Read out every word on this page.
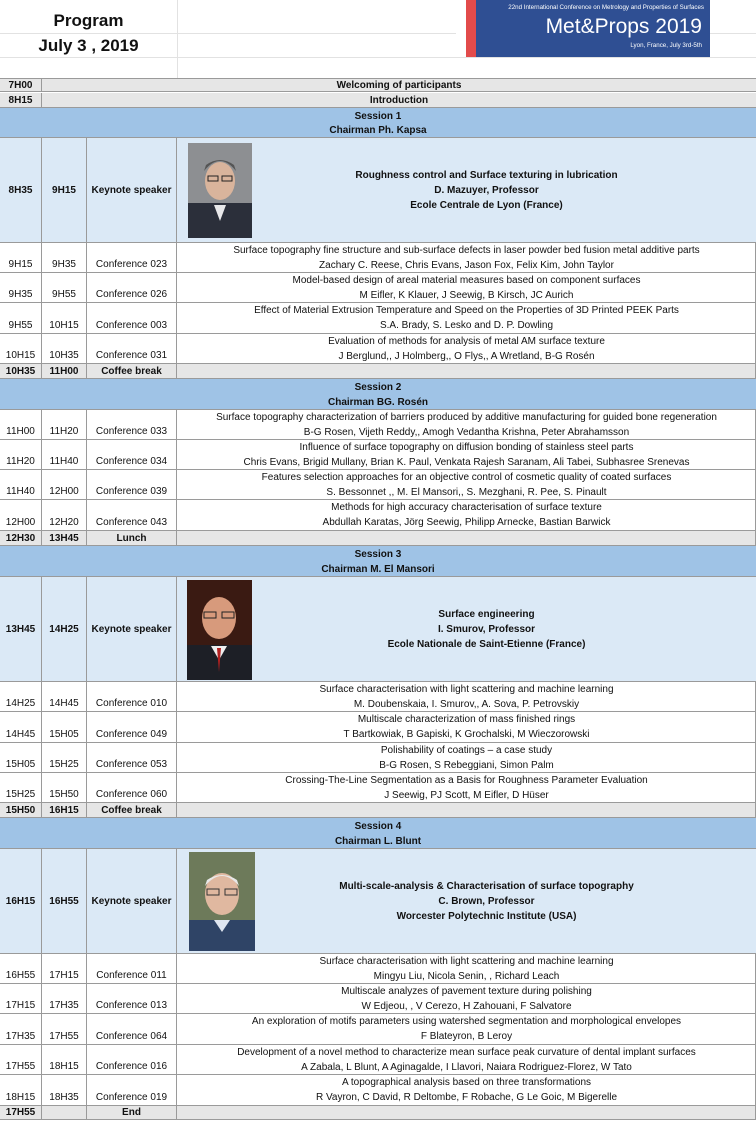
Program
July 3 , 2019
22nd International Conference on Metrology and Properties of Surfaces
Met&Props 2019
Lyon, France, July 3rd-5th
7H00	Welcoming of participants
8H15	Introduction
Session 1
Chairman Ph. Kapsa
8H35	9H15	Keynote speaker
Roughness control and Surface texturing in lubrication
D. Mazuyer, Professor
Ecole Centrale de Lyon (France)
9H15	9H35	Conference 023
Surface topography fine structure and sub-surface defects in laser powder bed fusion metal additive parts
Zachary C. Reese, Chris Evans, Jason Fox, Felix Kim, John Taylor
9H35	9H55	Conference 026
Model-based design of areal material measures based on component surfaces
M Eifler, K Klauer, J Seewig, B Kirsch, JC Aurich
9H55	10H15	Conference 003
Effect of Material Extrusion Temperature and Speed on the Properties of 3D Printed PEEK Parts
S.A. Brady, S. Lesko and D. P. Dowling
10H15	10H35	Conference 031
Evaluation of methods for analysis of metal AM surface texture
J Berglund,, J Holmberg,, O Flys,, A Wretland, B-G Rosén
10H35	11H00	Coffee break
Session 2
Chairman BG. Rosén
11H00	11H20	Conference 033
Surface topography characterization of barriers produced by additive manufacturing for guided bone regeneration
B-G Rosen, Vijeth Reddy,, Amogh Vedantha Krishna, Peter Abrahamsson
11H20	11H40	Conference 034
Influence of surface topography on diffusion bonding of stainless steel parts
Chris Evans, Brigid Mullany, Brian K. Paul, Venkata Rajesh Saranam, Ali Tabei, Subhasree Srenevas
11H40	12H00	Conference 039
Features selection approaches for an objective control of cosmetic quality of coated surfaces
S. Bessonnet ,, M. El Mansori,, S. Mezghani, R. Pee, S. Pinault
12H00	12H20	Conference 043
Methods for high accuracy characterisation of surface texture
Abdullah Karatas, Jörg Seewig, Philipp Arnecke, Bastian Barwick
12H30	13H45	Lunch
Session 3
Chairman M. El Mansori
13H45	14H25	Keynote speaker
Surface engineering
I. Smurov, Professor
Ecole Nationale de Saint-Etienne (France)
14H25	14H45	Conference 010
Surface characterisation with light scattering and machine learning
M. Doubenskaia, I. Smurov,, A. Sova, P. Petrovskiy
14H45	15H05	Conference 049
Multiscale characterization of mass finished rings
T Bartkowiak, B Gapiski, K Grochalski, M Wieczorowski
15H05	15H25	Conference 053
Polishability of coatings – a case study
B-G Rosen, S Rebeggiani, Simon Palm
15H25	15H50	Conference 060
Crossing-The-Line Segmentation as a Basis for Roughness Parameter Evaluation
J Seewig, PJ Scott, M Eifler, D Hüser
15H50	16H15	Coffee break
Session 4
Chairman L. Blunt
16H15	16H55	Keynote speaker
Multi-scale-analysis & Characterisation of surface topography
C. Brown, Professor
Worcester Polytechnic Institute (USA)
16H55	17H15	Conference 011
Surface characterisation with light scattering and machine learning
Mingyu Liu, Nicola Senin, , Richard Leach
17H15	17H35	Conference 013
Multiscale analyzes of pavement texture during polishing
W Edjeou, , V Cerezo, H Zahouani, F Salvatore
17H35	17H55	Conference 064
An exploration of motifs parameters using watershed segmentation and morphological envelopes
F Blateyron, B Leroy
17H55	18H15	Conference 016
Development of a novel method to characterize mean surface peak curvature of dental implant surfaces
A Zabala, L Blunt, A Aginagalde, I Llavori, Naiara Rodriguez-Florez, W Tato
18H15	18H35	Conference 019
A topographical analysis based on three transformations
R Vayron, C David, R Deltombe, F Robache, G Le Goic, M Bigerelle
17H55	End
